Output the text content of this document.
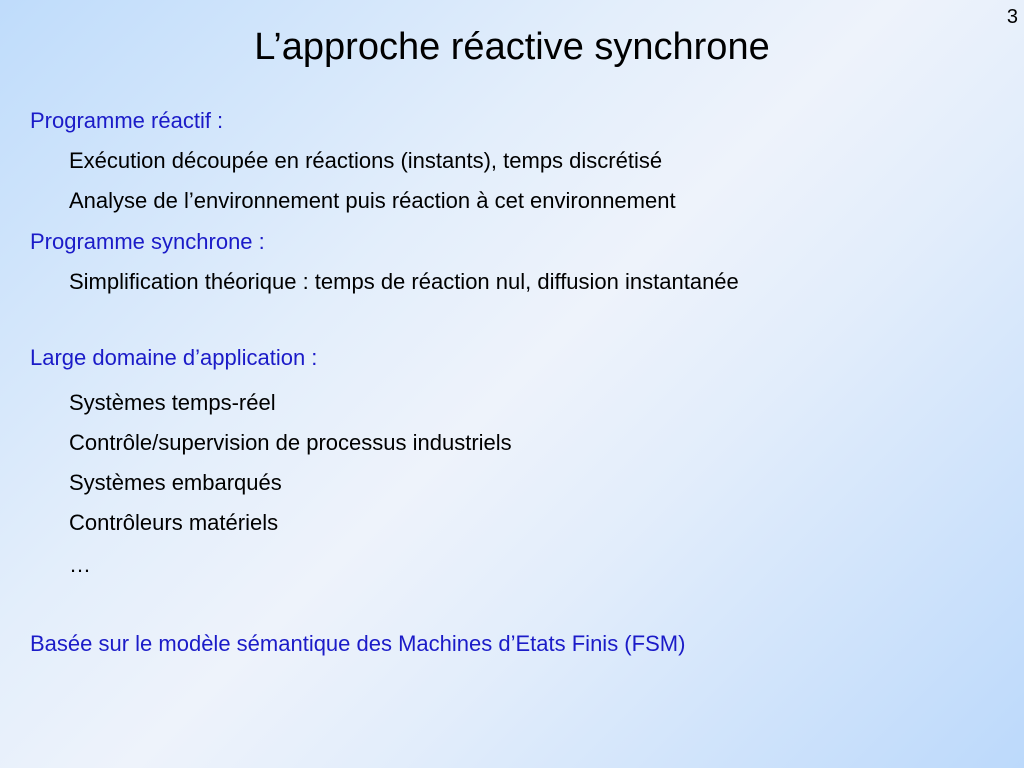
3
L’approche réactive synchrone
Programme réactif :
Exécution découpée en réactions (instants), temps discrétisé
Analyse de l’environnement puis réaction à cet environnement
Programme synchrone :
Simplification théorique : temps de réaction nul, diffusion instantanée
Large domaine d’application :
Systèmes temps-réel
Contrôle/supervision de processus industriels
Systèmes embarqués
Contrôleurs matériels
…
Basée sur le modèle sémantique des Machines d’Etats Finis (FSM)
